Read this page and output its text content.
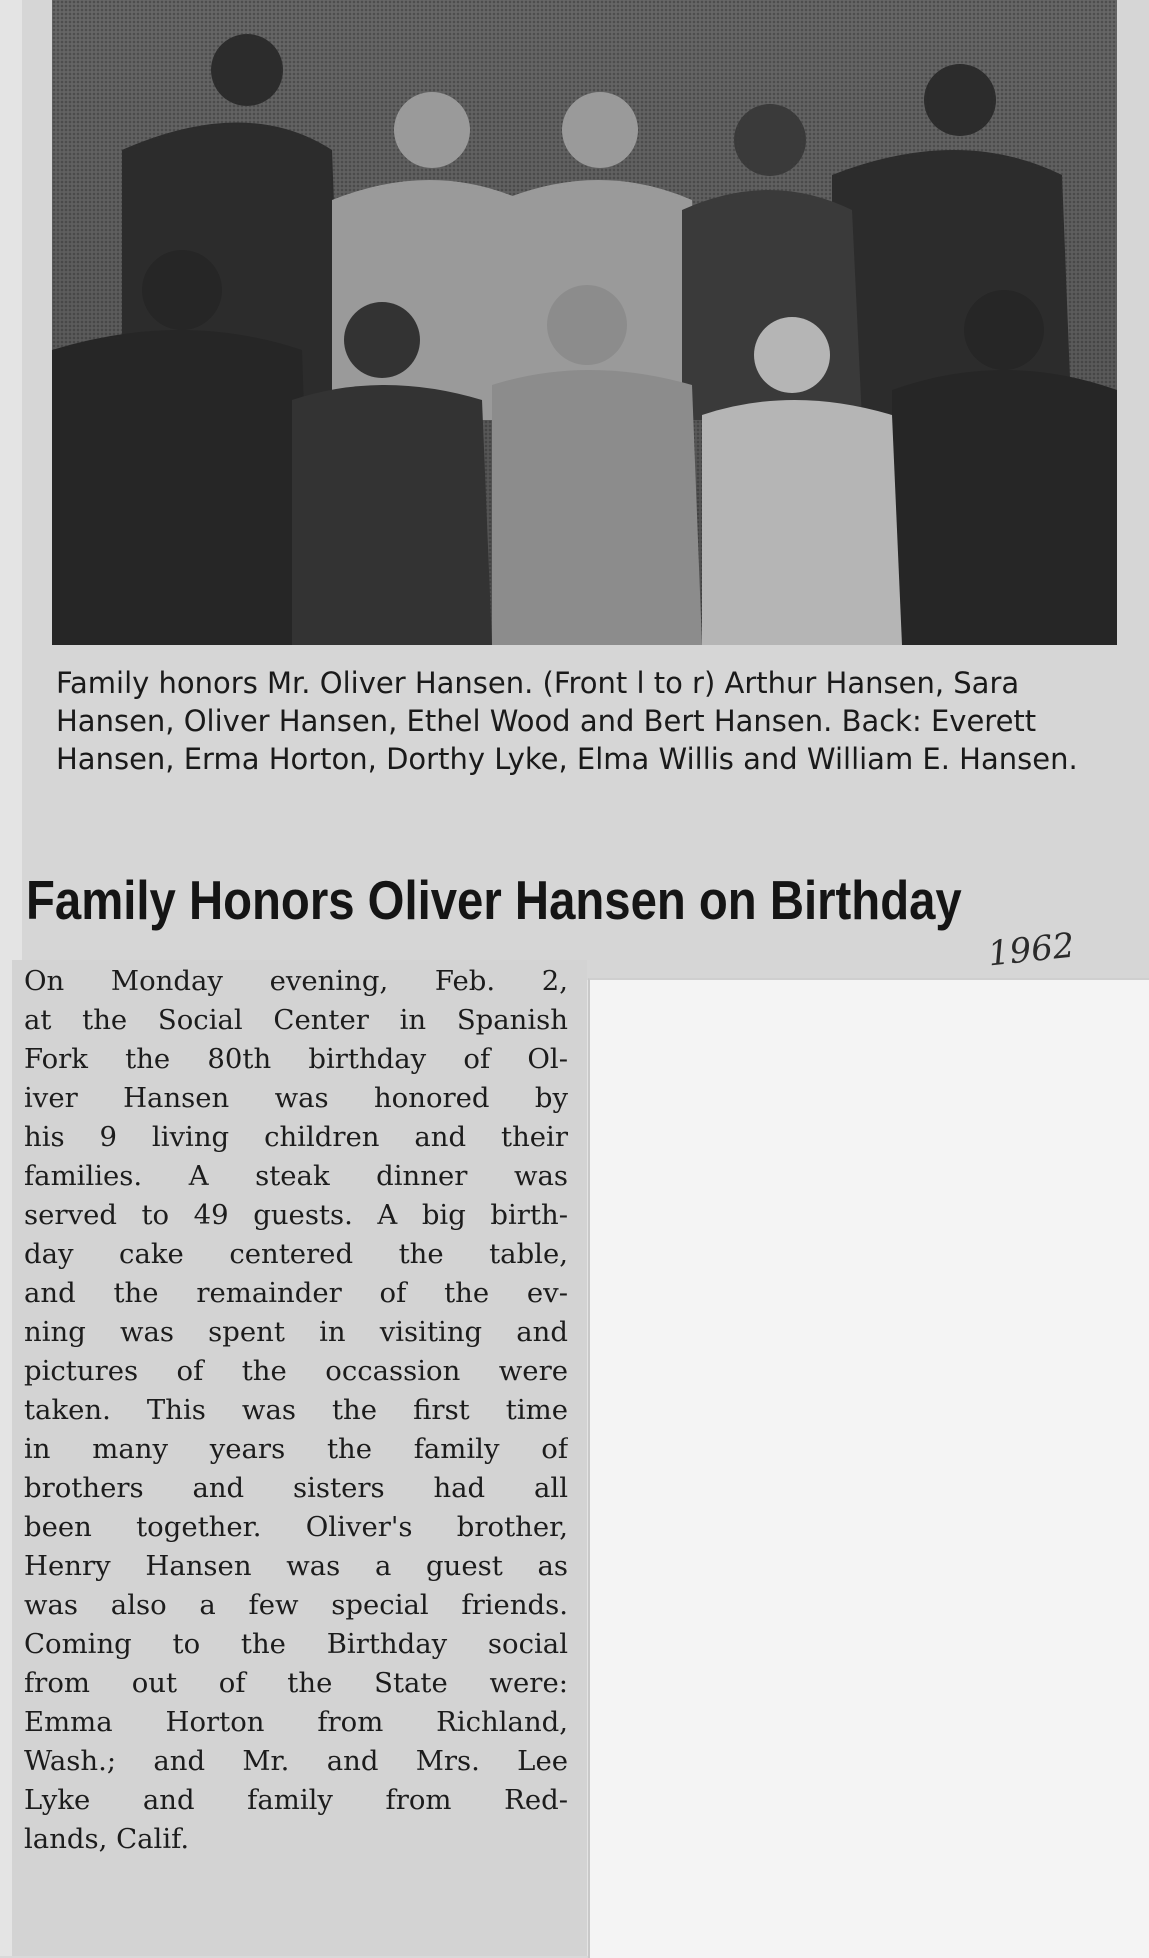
Family honors Mr. Oliver Hansen. (Front l to r) Arthur Hansen, Sara Hansen, Oliver Hansen, Ethel Wood and Bert Hansen. Back: Everett Hansen, Erma Horton, Dorthy Lyke, Elma Willis and William E. Hansen.

Family Honors Oliver Hansen on Birthday
1962
On Monday evening, Feb. 2,
at the Social Center in Spanish
Fork the 80th birthday of Ol-
iver Hansen was honored by
his 9 living children and their
families. A steak dinner was
served to 49 guests. A big birth-
day cake centered the table,
and the remainder of the ev-
ning was spent in visiting and
pictures of the occassion were
taken. This was the first time
in many years the family of
brothers and sisters had all
been together. Oliver's brother,
Henry Hansen was a guest as
was also a few special friends.
Coming to the Birthday social
from out of the State were:
Emma Horton from Richland,
Wash.; and Mr. and Mrs. Lee
Lyke and family from Red-
lands, Calif.
